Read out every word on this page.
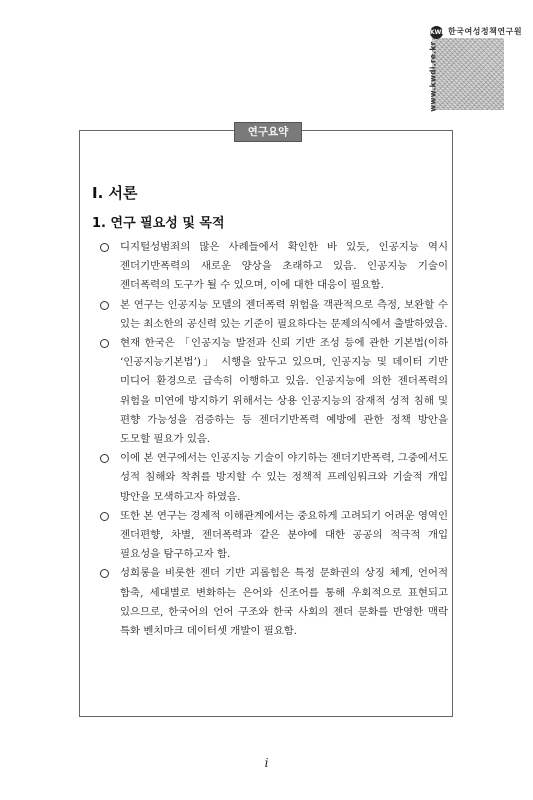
KWDI 한국여성정책연구원
www.kwdi.re.kr
연구요약
Ⅰ. 서론
1. 연구 필요성 및 목적
디지털성범죄의 많은 사례들에서 확인한 바 있듯, 인공지능 역시 젠더기반폭력의 새로운 양상을 초래하고 있음. 인공지능 기술이 젠더폭력의 도구가 될 수 있으며, 이에 대한 대응이 필요함.
본 연구는 인공지능 모델의 젠더폭력 위험을 객관적으로 측정, 보완할 수 있는 최소한의 공신력 있는 기준이 필요하다는 문제의식에서 출발하였음.
현재 한국은 「인공지능 발전과 신뢰 기반 조성 등에 관한 기본법(이하 ‘인공지능기본법’)」 시행을 앞두고 있으며, 인공지능 및 데이터 기반 미디어 환경으로 급속히 이행하고 있음. 인공지능에 의한 젠더폭력의 위험을 미연에 방지하기 위해서는 상용 인공지능의 잠재적 성적 침해 및 편향 가능성을 검증하는 등 젠더기반폭력 예방에 관한 정책 방안을 도모할 필요가 있음.
이에 본 연구에서는 인공지능 기술이 야기하는 젠더기반폭력, 그중에서도 성적 침해와 착취를 방지할 수 있는 정책적 프레임워크와 기술적 개입 방안을 모색하고자 하였음.
또한 본 연구는 경제적 이해관계에서는 중요하게 고려되기 어려운 영역인 젠더편향, 차별, 젠더폭력과 같은 분야에 대한 공공의 적극적 개입 필요성을 탐구하고자 함.
성희롱을 비롯한 젠더 기반 괴롭힘은 특정 문화권의 상징 체계, 언어적 함축, 세대별로 변화하는 은어와 신조어를 통해 우회적으로 표현되고 있으므로, 한국어의 언어 구조와 한국 사회의 젠더 문화를 반영한 맥락 특화 벤치마크 데이터셋 개발이 필요함.
i
